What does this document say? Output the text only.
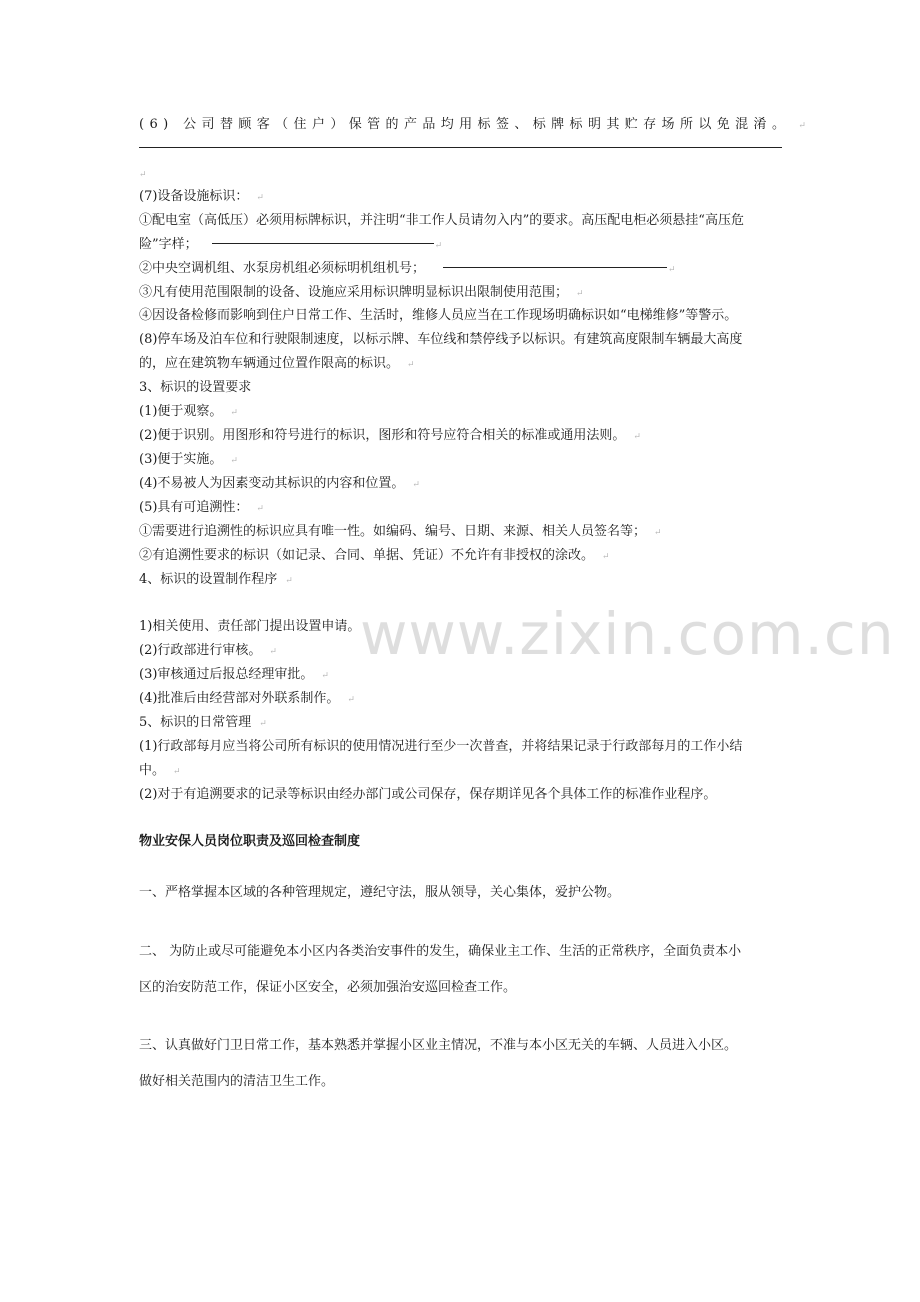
www.zixin.com.cn
(6) 公司替顾客（住户）保管的产品均用标签、标牌标明其贮存场所以免混淆。 ↵
↵
(7)设备设施标识： ↵
①配电室（高低压）必须用标牌标识，并注明“非工作人员请勿入内”的要求。高压配电柜必须悬挂“高压危
险”字样；	↵
②中央空调机组、水泵房机组必须标明机组机号；	↵
③凡有使用范围限制的设备、设施应采用标识牌明显标识出限制使用范围； ↵
④因设备检修而影响到住户日常工作、生活时，维修人员应当在工作现场明确标识如“电梯维修”等警示。
(8)停车场及泊车位和行驶限制速度，以标示牌、车位线和禁停线予以标识。有建筑高度限制车辆最大高度
的，应在建筑物车辆通过位置作限高的标识。 ↵
3、标识的设置要求
(1)便于观察。 ↵
(2)便于识别。用图形和符号进行的标识，图形和符号应符合相关的标准或通用法则。 ↵
(3)便于实施。 ↵
(4)不易被人为因素变动其标识的内容和位置。 ↵
(5)具有可追溯性： ↵
①需要进行追溯性的标识应具有唯一性。如编码、编号、日期、来源、相关人员签名等； ↵
②有追溯性要求的标识（如记录、合同、单据、凭证）不允许有非授权的涂改。 ↵
4、标识的设置制作程序 ↵
1)相关使用、责任部门提出设置申请。
(2)行政部进行审核。 ↵
(3)审核通过后报总经理审批。 ↵
(4)批准后由经营部对外联系制作。 ↵
5、标识的日常管理 ↵
(1)行政部每月应当将公司所有标识的使用情况进行至少一次普查，并将结果记录于行政部每月的工作小结
中。 ↵
(2)对于有追溯要求的记录等标识由经办部门或公司保存，保存期详见各个具体工作的标准作业程序。
物业安保人员岗位职责及巡回检查制度
一、严格掌握本区域的各种管理规定，遵纪守法，服从领导，关心集体，爱护公物。
二、 为防止或尽可能避免本小区内各类治安事件的发生，确保业主工作、生活的正常秩序，全面负责本小
区的治安防范工作，保证小区安全，必须加强治安巡回检查工作。
三、认真做好门卫日常工作，基本熟悉并掌握小区业主情况，不准与本小区无关的车辆、人员进入小区。
做好相关范围内的清洁卫生工作。
